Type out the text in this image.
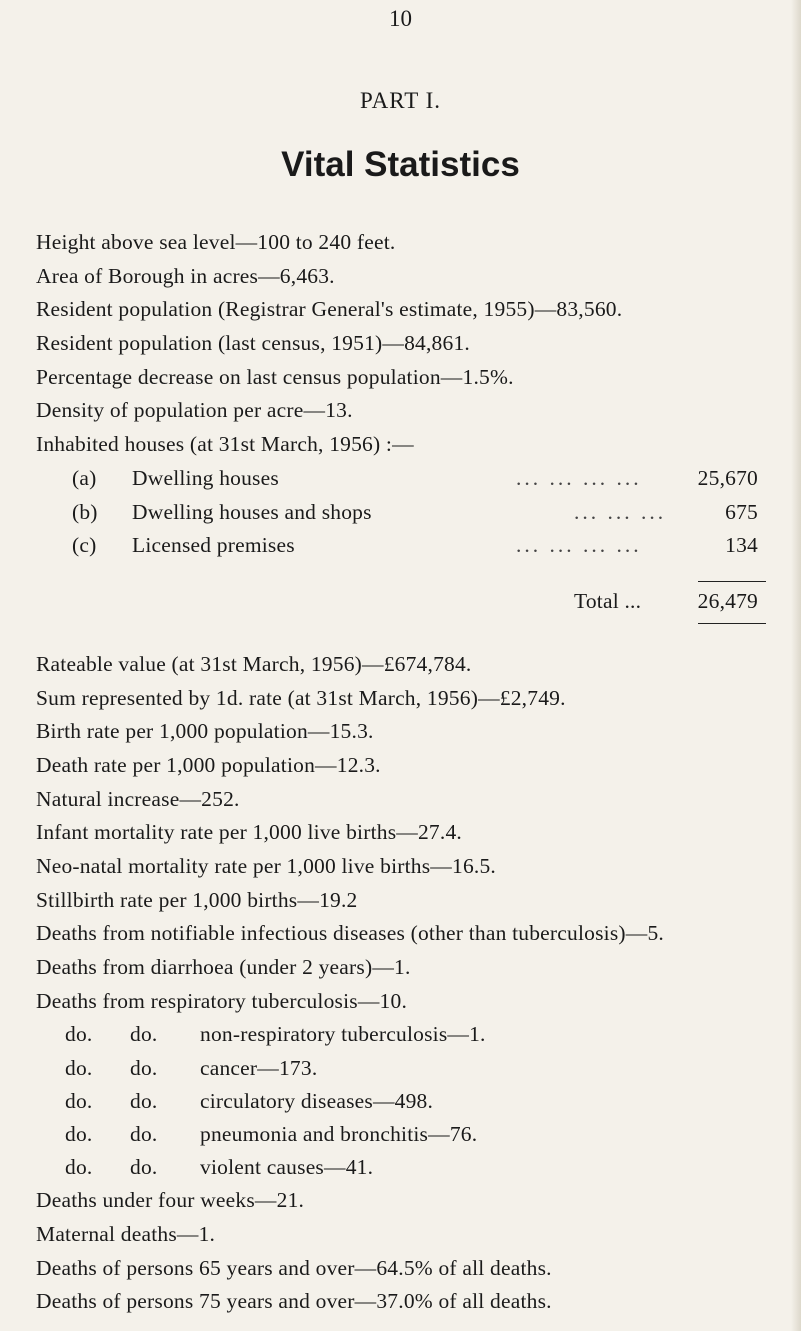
10
PART I.
Vital Statistics
Height above sea level—100 to 240 feet.
Area of Borough in acres—6,463.
Resident population (Registrar General's estimate, 1955)—83,560.
Resident population (last census, 1951)—84,861.
Percentage decrease on last census population—1.5%.
Density of population per acre—13.
Inhabited houses (at 31st March, 1956) :—
(a) Dwelling houses	... ... ... ...	25,670
(b) Dwelling houses and shops	... ... ...	675
(c) Licensed premises	... ... ... ...	134
Total ...	26,479
Rateable value (at 31st March, 1956)—£674,784.
Sum represented by 1d. rate (at 31st March, 1956)—£2,749.
Birth rate per 1,000 population—15.3.
Death rate per 1,000 population—12.3.
Natural increase—252.
Infant mortality rate per 1,000 live births—27.4.
Neo-natal mortality rate per 1,000 live births—16.5.
Stillbirth rate per 1,000 births—19.2
Deaths from notifiable infectious diseases (other than tuberculosis)—5.
Deaths from diarrhoea (under 2 years)—1.
Deaths from respiratory tuberculosis—10.
do. do. non-respiratory tuberculosis—1.
do. do. cancer—173.
do. do. circulatory diseases—498.
do. do. pneumonia and bronchitis—76.
do. do. violent causes—41.
Deaths under four weeks—21.
Maternal deaths—1.
Deaths of persons 65 years and over—64.5% of all deaths.
Deaths of persons 75 years and over—37.0% of all deaths.
